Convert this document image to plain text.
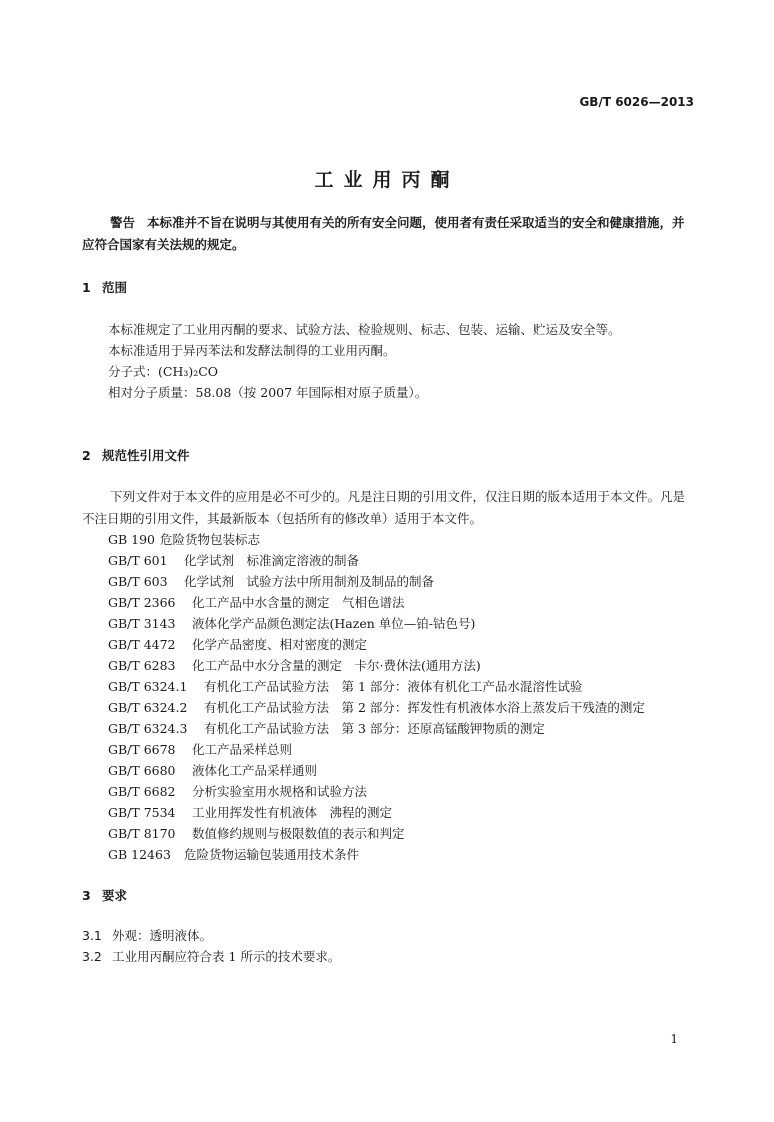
GB/T 6026—2013
工业用丙酮
警告 本标准并不旨在说明与其使用有关的所有安全问题，使用者有责任采取适当的安全和健康措施，并应符合国家有关法规的规定。
1 范围
本标准规定了工业用丙酮的要求、试验方法、检验规则、标志、包装、运输、贮运及安全等。
本标准适用于异丙苯法和发酵法制得的工业用丙酮。
分子式：(CH₃)₂CO
相对分子质量：58.08（按 2007 年国际相对原子质量）。
2 规范性引用文件
下列文件对于本文件的应用是必不可少的。凡是注日期的引用文件，仅注日期的版本适用于本文件。凡是不注日期的引用文件，其最新版本（包括所有的修改单）适用于本文件。
GB 190 危险货物包装标志
GB/T 601 化学试剂　标准滴定溶液的制备
GB/T 603 化学试剂　试验方法中所用制剂及制品的制备
GB/T 2366 化工产品中水含量的测定　气相色谱法
GB/T 3143 液体化学产品颜色测定法(Hazen 单位—铂-钴色号)
GB/T 4472 化学产品密度、相对密度的测定
GB/T 6283 化工产品中水分含量的测定　卡尔·费休法(通用方法)
GB/T 6324.1 有机化工产品试验方法　第 1 部分：液体有机化工产品水混溶性试验
GB/T 6324.2 有机化工产品试验方法　第 2 部分：挥发性有机液体水浴上蒸发后干残渣的测定
GB/T 6324.3 有机化工产品试验方法　第 3 部分：还原高锰酸钾物质的测定
GB/T 6678 化工产品采样总则
GB/T 6680 液体化工产品采样通则
GB/T 6682 分析实验室用水规格和试验方法
GB/T 7534 工业用挥发性有机液体　沸程的测定
GB/T 8170 数值修约规则与极限数值的表示和判定
GB 12463 危险货物运输包装通用技术条件
3 要求
3.1 外观：透明液体。
3.2 工业用丙酮应符合表 1 所示的技术要求。
1
